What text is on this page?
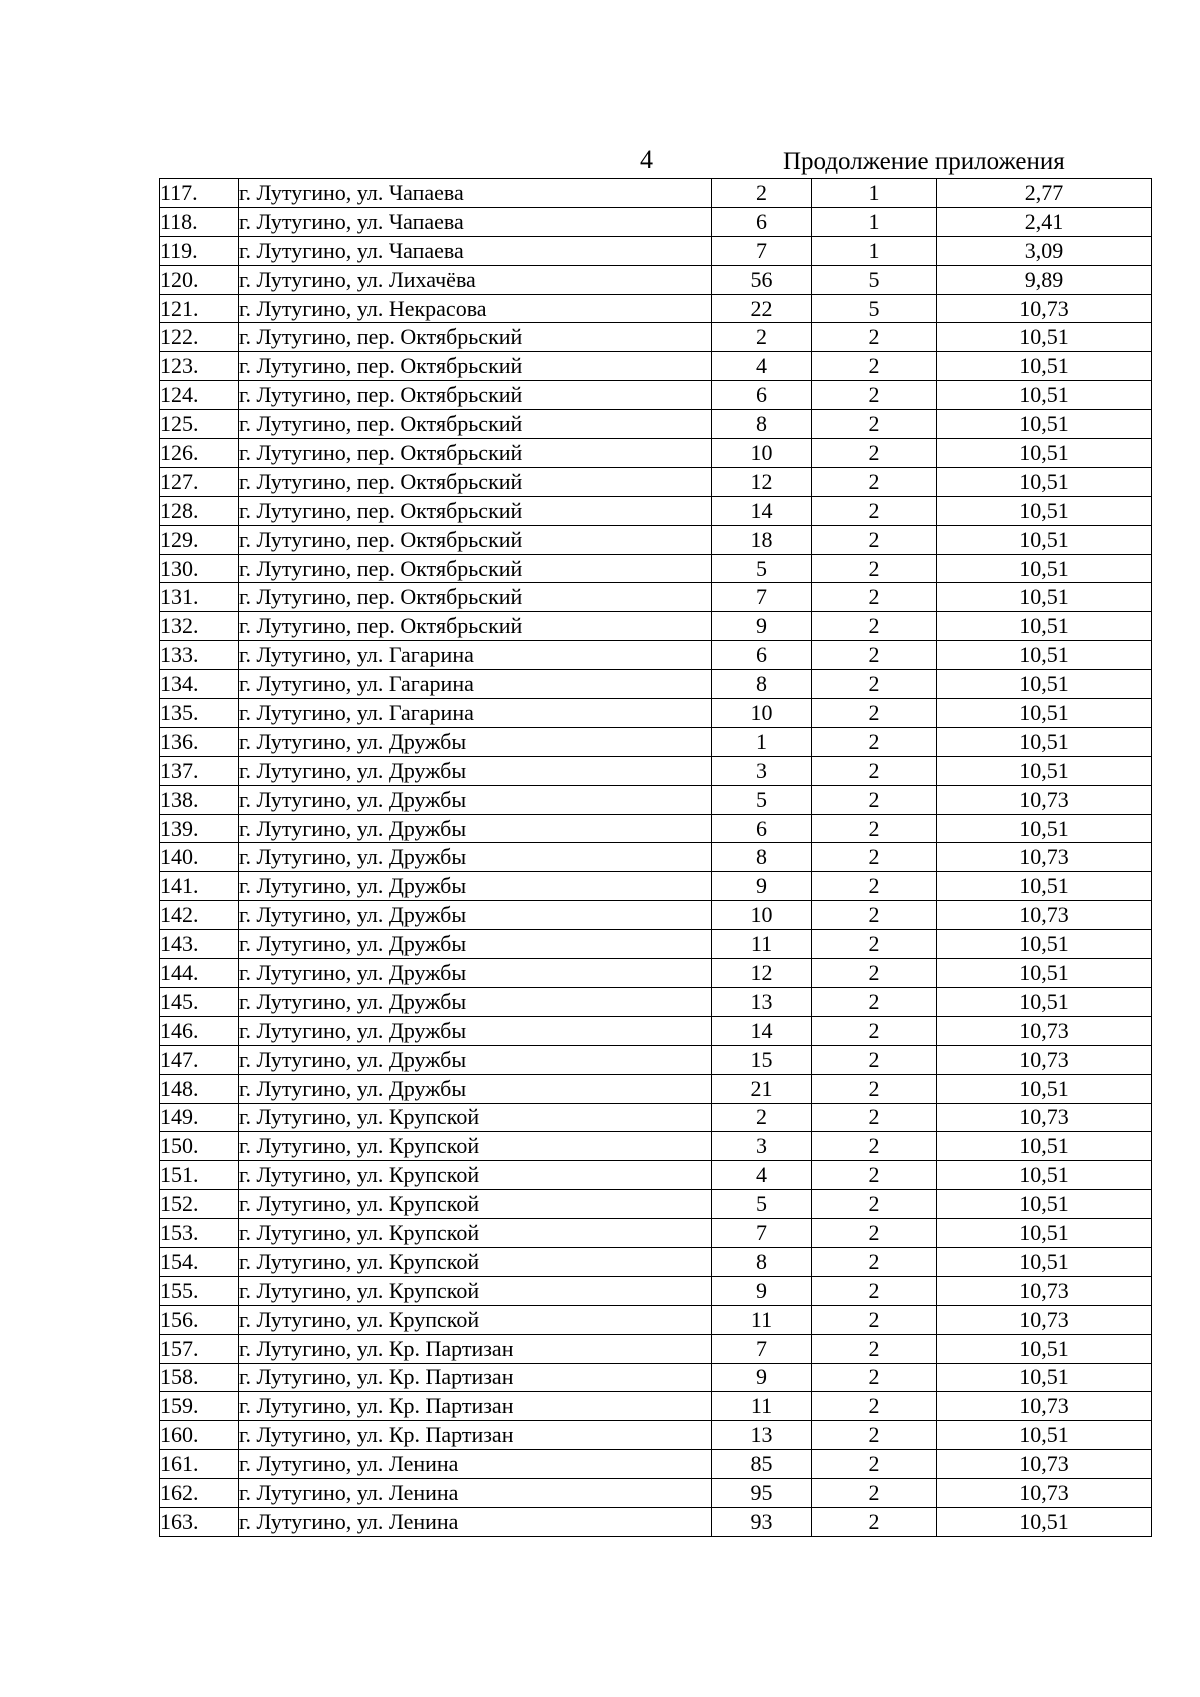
4	Продолжение приложения
117.	г. Лутугино, ул. Чапаева	2	1	2,77
118.	г. Лутугино, ул. Чапаева	6	1	2,41
119.	г. Лутугино, ул. Чапаева	7	1	3,09
120.	г. Лутугино, ул. Лихачёва	56	5	9,89
121.	г. Лутугино, ул. Некрасова	22	5	10,73
122.	г. Лутугино, пер. Октябрьский	2	2	10,51
123.	г. Лутугино, пер. Октябрьский	4	2	10,51
124.	г. Лутугино, пер. Октябрьский	6	2	10,51
125.	г. Лутугино, пер. Октябрьский	8	2	10,51
126.	г. Лутугино, пер. Октябрьский	10	2	10,51
127.	г. Лутугино, пер. Октябрьский	12	2	10,51
128.	г. Лутугино, пер. Октябрьский	14	2	10,51
129.	г. Лутугино, пер. Октябрьский	18	2	10,51
130.	г. Лутугино, пер. Октябрьский	5	2	10,51
131.	г. Лутугино, пер. Октябрьский	7	2	10,51
132.	г. Лутугино, пер. Октябрьский	9	2	10,51
133.	г. Лутугино, ул. Гагарина	6	2	10,51
134.	г. Лутугино, ул. Гагарина	8	2	10,51
135.	г. Лутугино, ул. Гагарина	10	2	10,51
136.	г. Лутугино, ул. Дружбы	1	2	10,51
137.	г. Лутугино, ул. Дружбы	3	2	10,51
138.	г. Лутугино, ул. Дружбы	5	2	10,73
139.	г. Лутугино, ул. Дружбы	6	2	10,51
140.	г. Лутугино, ул. Дружбы	8	2	10,73
141.	г. Лутугино, ул. Дружбы	9	2	10,51
142.	г. Лутугино, ул. Дружбы	10	2	10,73
143.	г. Лутугино, ул. Дружбы	11	2	10,51
144.	г. Лутугино, ул. Дружбы	12	2	10,51
145.	г. Лутугино, ул. Дружбы	13	2	10,51
146.	г. Лутугино, ул. Дружбы	14	2	10,73
147.	г. Лутугино, ул. Дружбы	15	2	10,73
148.	г. Лутугино, ул. Дружбы	21	2	10,51
149.	г. Лутугино, ул. Крупской	2	2	10,73
150.	г. Лутугино, ул. Крупской	3	2	10,51
151.	г. Лутугино, ул. Крупской	4	2	10,51
152.	г. Лутугино, ул. Крупской	5	2	10,51
153.	г. Лутугино, ул. Крупской	7	2	10,51
154.	г. Лутугино, ул. Крупской	8	2	10,51
155.	г. Лутугино, ул. Крупской	9	2	10,73
156.	г. Лутугино, ул. Крупской	11	2	10,73
157.	г. Лутугино, ул. Кр. Партизан	7	2	10,51
158.	г. Лутугино, ул. Кр. Партизан	9	2	10,51
159.	г. Лутугино, ул. Кр. Партизан	11	2	10,73
160.	г. Лутугино, ул. Кр. Партизан	13	2	10,51
161.	г. Лутугино, ул. Ленина	85	2	10,73
162.	г. Лутугино, ул. Ленина	95	2	10,73
163.	г. Лутугино, ул. Ленина	93	2	10,51
